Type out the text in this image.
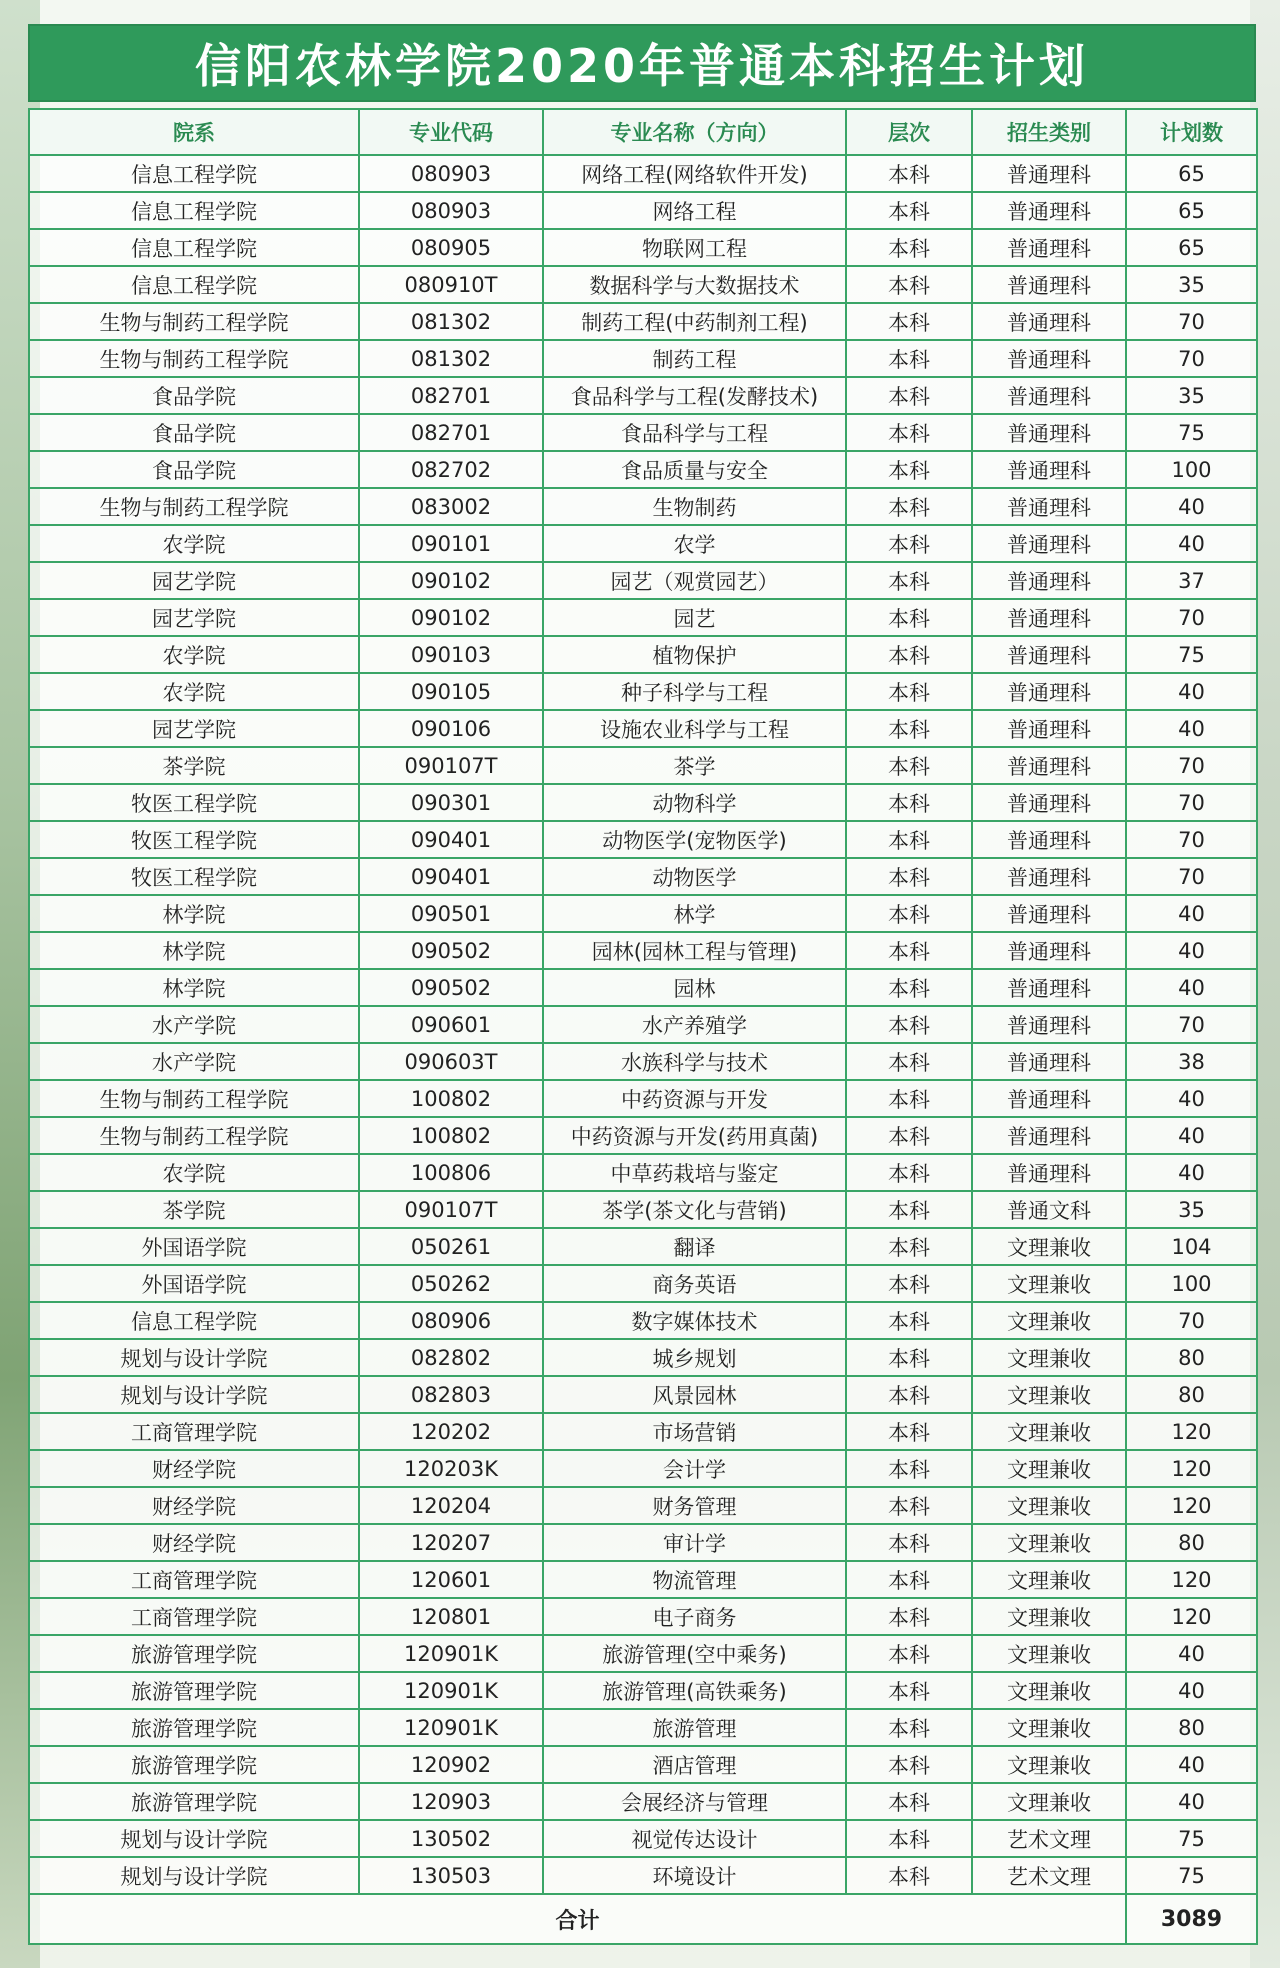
信阳农林学院2020年普通本科招生计划
院系	专业代码	专业名称（方向）	层次	招生类别	计划数
信息工程学院	080903	网络工程(网络软件开发)	本科	普通理科	65
信息工程学院	080903	网络工程	本科	普通理科	65
信息工程学院	080905	物联网工程	本科	普通理科	65
信息工程学院	080910T	数据科学与大数据技术	本科	普通理科	35
生物与制药工程学院	081302	制药工程(中药制剂工程)	本科	普通理科	70
生物与制药工程学院	081302	制药工程	本科	普通理科	70
食品学院	082701	食品科学与工程(发酵技术)	本科	普通理科	35
食品学院	082701	食品科学与工程	本科	普通理科	75
食品学院	082702	食品质量与安全	本科	普通理科	100
生物与制药工程学院	083002	生物制药	本科	普通理科	40
农学院	090101	农学	本科	普通理科	40
园艺学院	090102	园艺（观赏园艺）	本科	普通理科	37
园艺学院	090102	园艺	本科	普通理科	70
农学院	090103	植物保护	本科	普通理科	75
农学院	090105	种子科学与工程	本科	普通理科	40
园艺学院	090106	设施农业科学与工程	本科	普通理科	40
茶学院	090107T	茶学	本科	普通理科	70
牧医工程学院	090301	动物科学	本科	普通理科	70
牧医工程学院	090401	动物医学(宠物医学)	本科	普通理科	70
牧医工程学院	090401	动物医学	本科	普通理科	70
林学院	090501	林学	本科	普通理科	40
林学院	090502	园林(园林工程与管理)	本科	普通理科	40
林学院	090502	园林	本科	普通理科	40
水产学院	090601	水产养殖学	本科	普通理科	70
水产学院	090603T	水族科学与技术	本科	普通理科	38
生物与制药工程学院	100802	中药资源与开发	本科	普通理科	40
生物与制药工程学院	100802	中药资源与开发(药用真菌)	本科	普通理科	40
农学院	100806	中草药栽培与鉴定	本科	普通理科	40
茶学院	090107T	茶学(茶文化与营销)	本科	普通文科	35
外国语学院	050261	翻译	本科	文理兼收	104
外国语学院	050262	商务英语	本科	文理兼收	100
信息工程学院	080906	数字媒体技术	本科	文理兼收	70
规划与设计学院	082802	城乡规划	本科	文理兼收	80
规划与设计学院	082803	风景园林	本科	文理兼收	80
工商管理学院	120202	市场营销	本科	文理兼收	120
财经学院	120203K	会计学	本科	文理兼收	120
财经学院	120204	财务管理	本科	文理兼收	120
财经学院	120207	审计学	本科	文理兼收	80
工商管理学院	120601	物流管理	本科	文理兼收	120
工商管理学院	120801	电子商务	本科	文理兼收	120
旅游管理学院	120901K	旅游管理(空中乘务)	本科	文理兼收	40
旅游管理学院	120901K	旅游管理(高铁乘务)	本科	文理兼收	40
旅游管理学院	120901K	旅游管理	本科	文理兼收	80
旅游管理学院	120902	酒店管理	本科	文理兼收	40
旅游管理学院	120903	会展经济与管理	本科	文理兼收	40
规划与设计学院	130502	视觉传达设计	本科	艺术文理	75
规划与设计学院	130503	环境设计	本科	艺术文理	75
合计					3089
